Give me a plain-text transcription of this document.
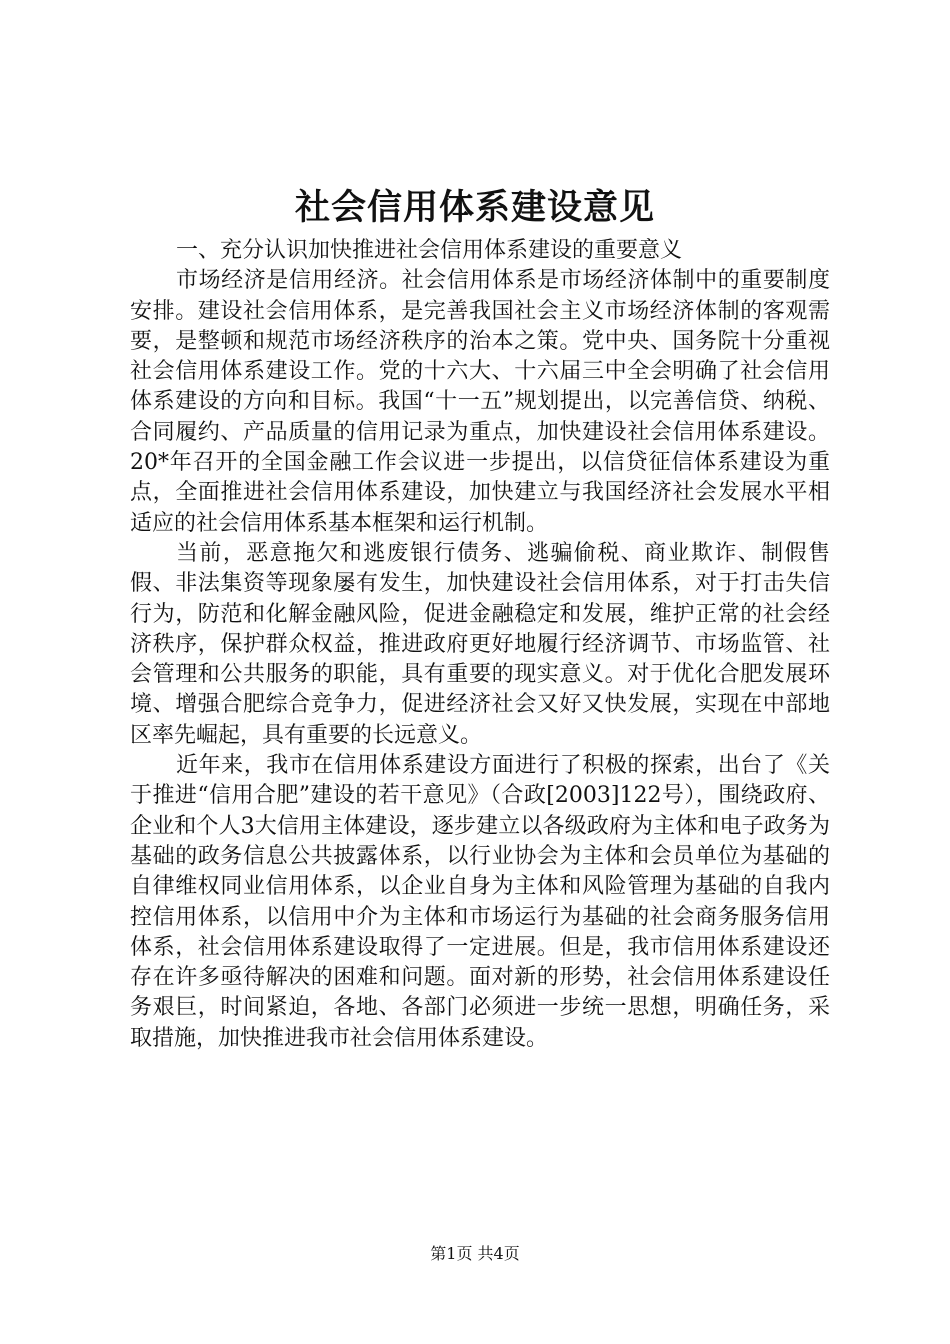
社会信用体系建设意见

一、充分认识加快推进社会信用体系建设的重要意义

市场经济是信用经济。社会信用体系是市场经济体制中的重要制度安排。建设社会信用体系，是完善我国社会主义市场经济体制的客观需要，是整顿和规范市场经济秩序的治本之策。党中央、国务院十分重视社会信用体系建设工作。党的十六大、十六届三中全会明确了社会信用体系建设的方向和目标。我国“十一五”规划提出，以完善信贷、纳税、合同履约、产品质量的信用记录为重点，加快建设社会信用体系建设。20*年召开的全国金融工作会议进一步提出，以信贷征信体系建设为重点，全面推进社会信用体系建设，加快建立与我国经济社会发展水平相适应的社会信用体系基本框架和运行机制。

当前，恶意拖欠和逃废银行债务、逃骗偷税、商业欺诈、制假售假、非法集资等现象屡有发生，加快建设社会信用体系，对于打击失信行为，防范和化解金融风险，促进金融稳定和发展，维护正常的社会经济秩序，保护群众权益，推进政府更好地履行经济调节、市场监管、社会管理和公共服务的职能，具有重要的现实意义。对于优化合肥发展环境、增强合肥综合竞争力，促进经济社会又好又快发展，实现在中部地区率先崛起，具有重要的长远意义。

近年来，我市在信用体系建设方面进行了积极的探索，出台了《关于推进“信用合肥”建设的若干意见》（合政[2003]122号），围绕政府、企业和个人3大信用主体建设，逐步建立以各级政府为主体和电子政务为基础的政务信息公共披露体系，以行业协会为主体和会员单位为基础的自律维权同业信用体系，以企业自身为主体和风险管理为基础的自我内控信用体系，以信用中介为主体和市场运行为基础的社会商务服务信用体系，社会信用体系建设取得了一定进展。但是，我市信用体系建设还存在许多亟待解决的困难和问题。面对新的形势，社会信用体系建设任务艰巨，时间紧迫，各地、各部门必须进一步统一思想，明确任务，采取措施，加快推进我市社会信用体系建设。

第1页 共4页
